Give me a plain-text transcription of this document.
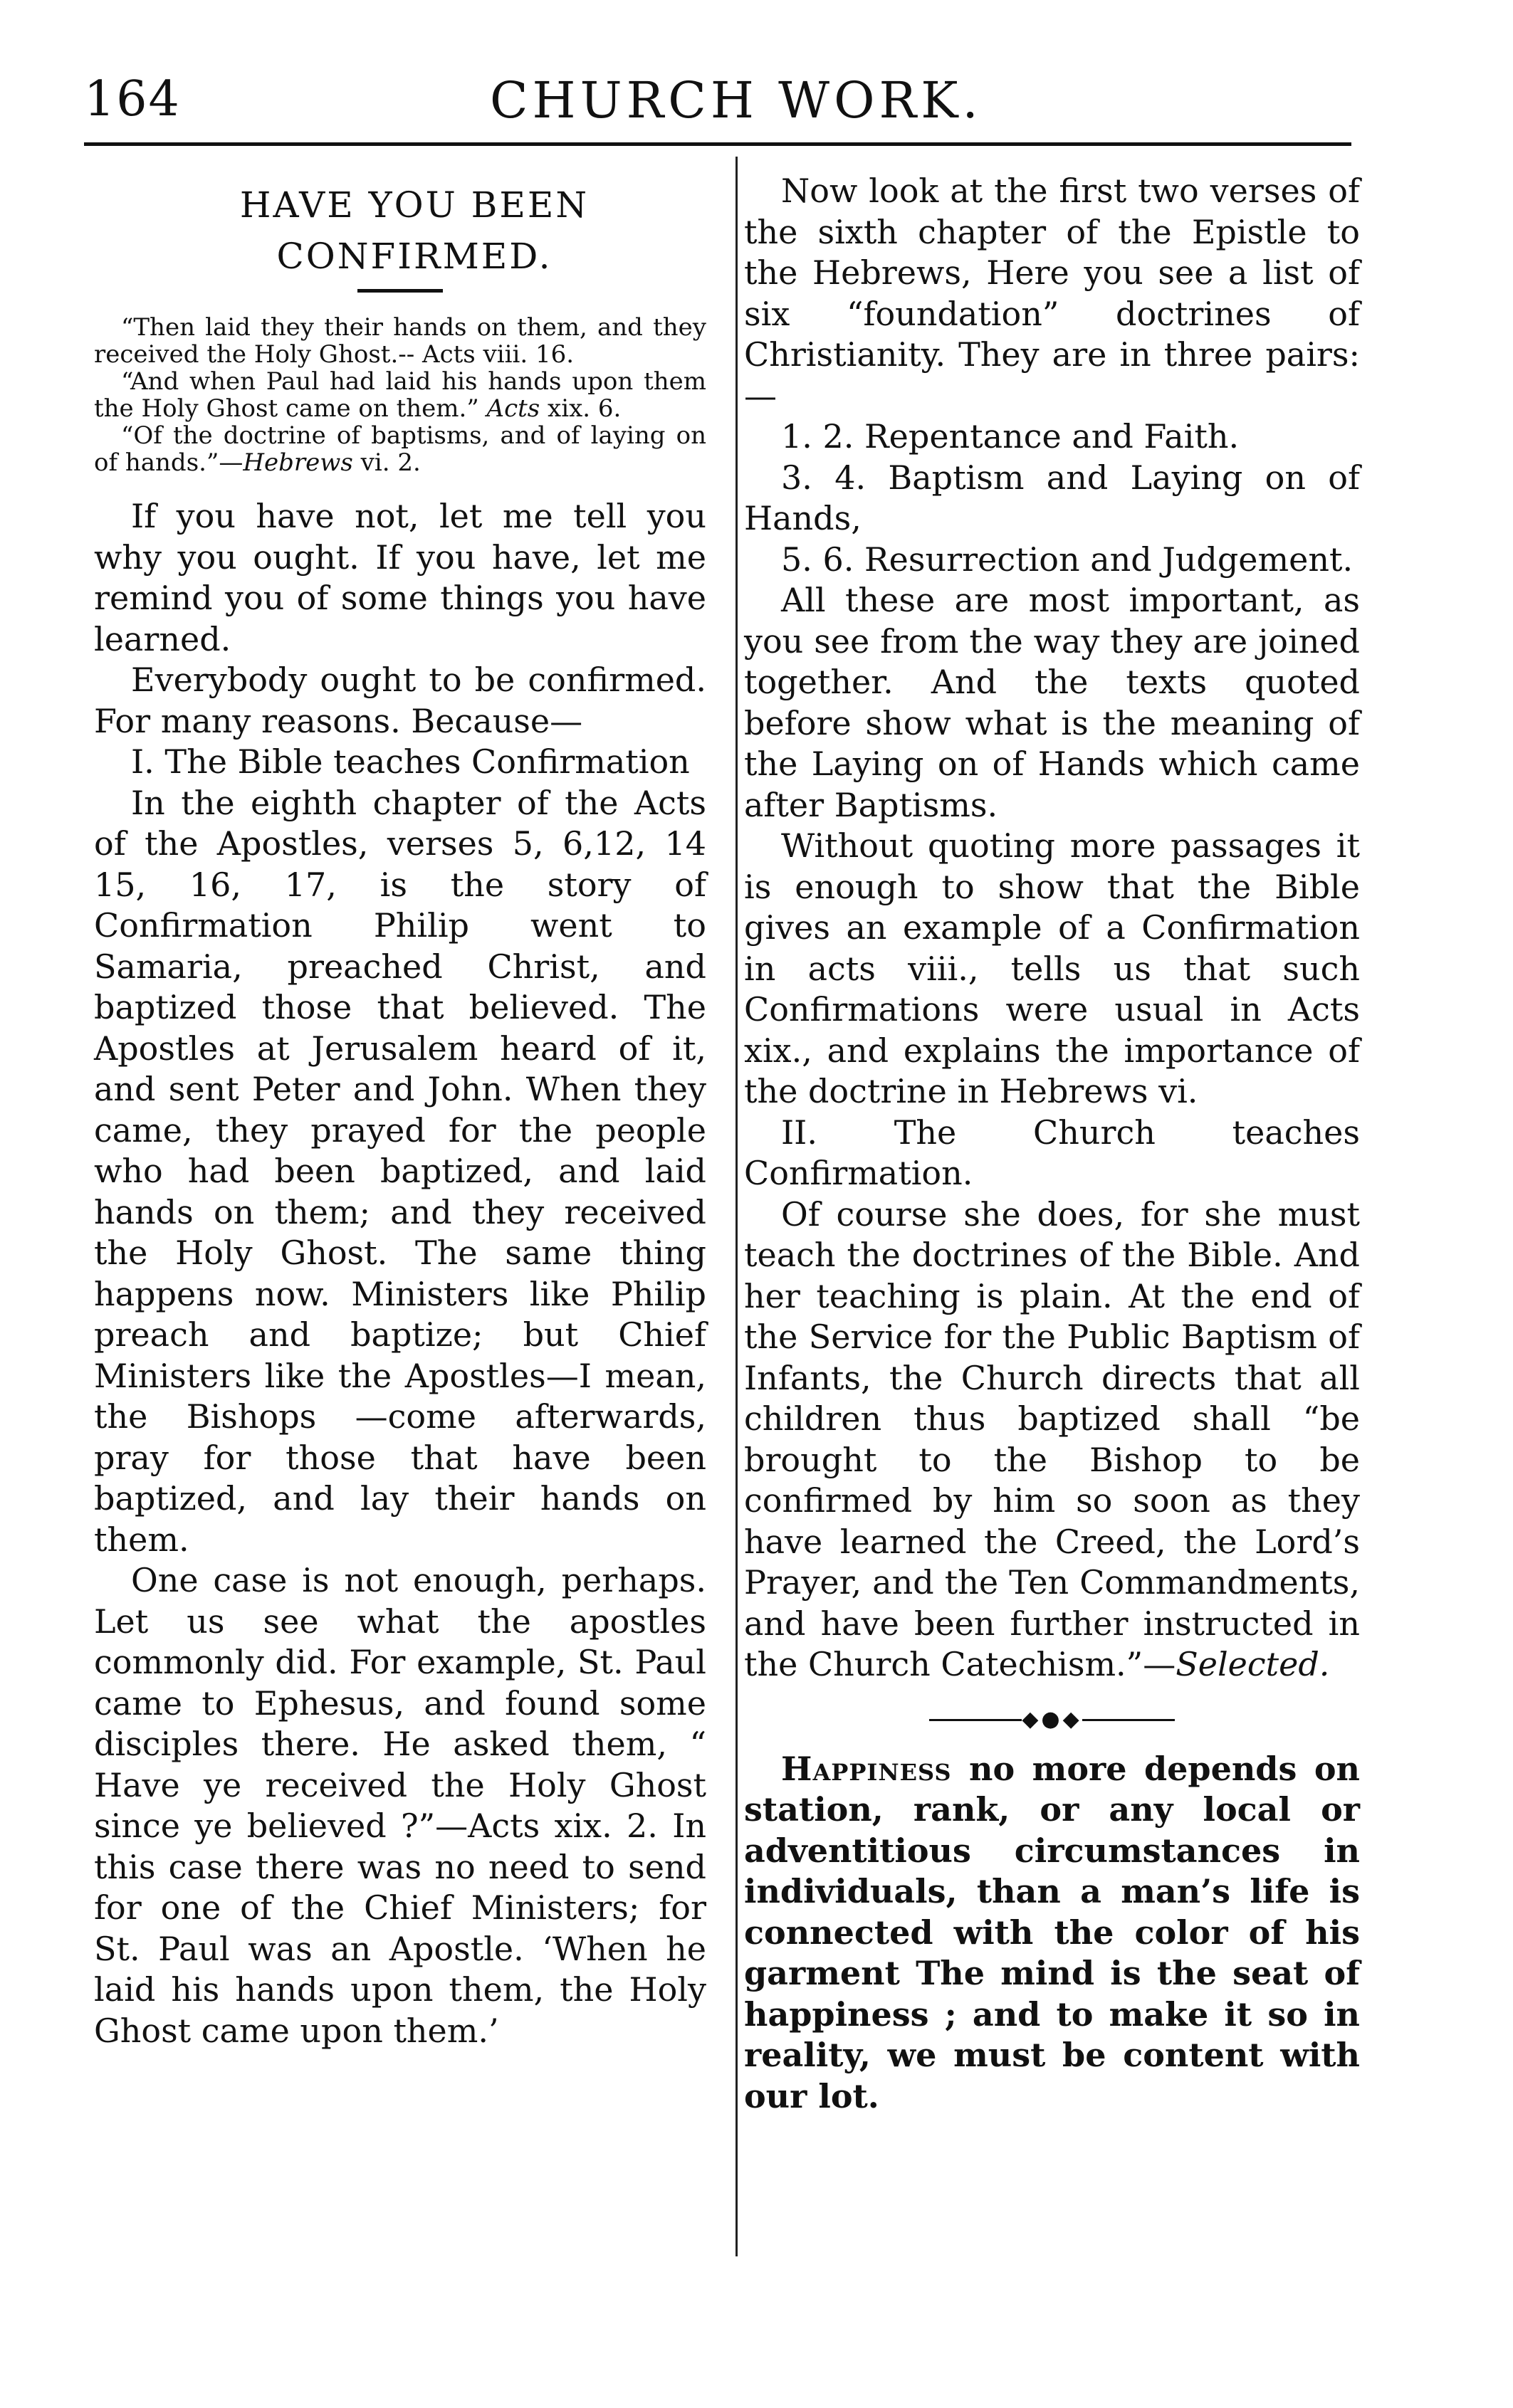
164	CHURCH WORK.
HAVE YOU BEEN CONFIRMED.

“Then laid they their hands on them, and they received the Holy Ghost.-- Acts viii. 16.

“And when Paul had laid his hands upon them the Holy Ghost came on them.” Acts xix. 6.

“Of the doctrine of baptisms, and of laying on of hands.”—Hebrews vi. 2.

If you have not, let me tell you why you ought. If you have, let me remind you of some things you have learned.

Everybody ought to be confirmed. For many reasons. Because—

I. The Bible teaches Confirmation

In the eighth chapter of the Acts of the Apostles, verses 5, 6,12, 14 15, 16, 17, is the story of Confirmation Philip went to Samaria, preached Christ, and baptized those that believed. The Apostles at Jerusalem heard of it, and sent Peter and John. When they came, they prayed for the people who had been baptized, and laid hands on them; and they received the Holy Ghost. The same thing happens now. Ministers like Philip preach and baptize; but Chief Ministers like the Apostles—I mean, the Bishops —come afterwards, pray for those that have been baptized, and lay their hands on them.

One case is not enough, perhaps. Let us see what the apostles commonly did. For example, St. Paul came to Ephesus, and found some disciples there. He asked them, “ Have ye received the Holy Ghost since ye believed ?”—Acts xix. 2. In this case there was no need to send for one of the Chief Ministers; for St. Paul was an Apostle. ‘When he laid his hands upon them, the Holy Ghost came upon them.’

Now look at the first two verses of the sixth chapter of the Epistle to the Hebrews, Here you see a list of six “foundation” doctrines of Christianity. They are in three pairs:—

1. 2. Repentance and Faith.

3. 4. Baptism and Laying on of Hands,

5. 6. Resurrection and Judgement.

All these are most important, as you see from the way they are joined together. And the texts quoted before show what is the meaning of the Laying on of Hands which came after Baptisms.

Without quoting more passages it is enough to show that the Bible gives an example of a Confirmation in acts viii., tells us that such Confirmations were usual in Acts xix., and explains the importance of the doctrine in Hebrews vi.

II. The Church teaches Confirmation.

Of course she does, for she must teach the doctrines of the Bible. And her teaching is plain. At the end of the Service for the Public Baptism of Infants, the Church directs that all children thus baptized shall “be brought to the Bishop to be confirmed by him so soon as they have learned the Creed, the Lord’s Prayer, and the Ten Commandments, and have been further instructed in the Church Catechism.”—Selected.

◆●◆

Happiness no more depends on station, rank, or any local or adventitious circumstances in individuals, than a man’s life is connected with the color of his garment The mind is the seat of happiness ; and to make it so in reality, we must be content with our lot.
